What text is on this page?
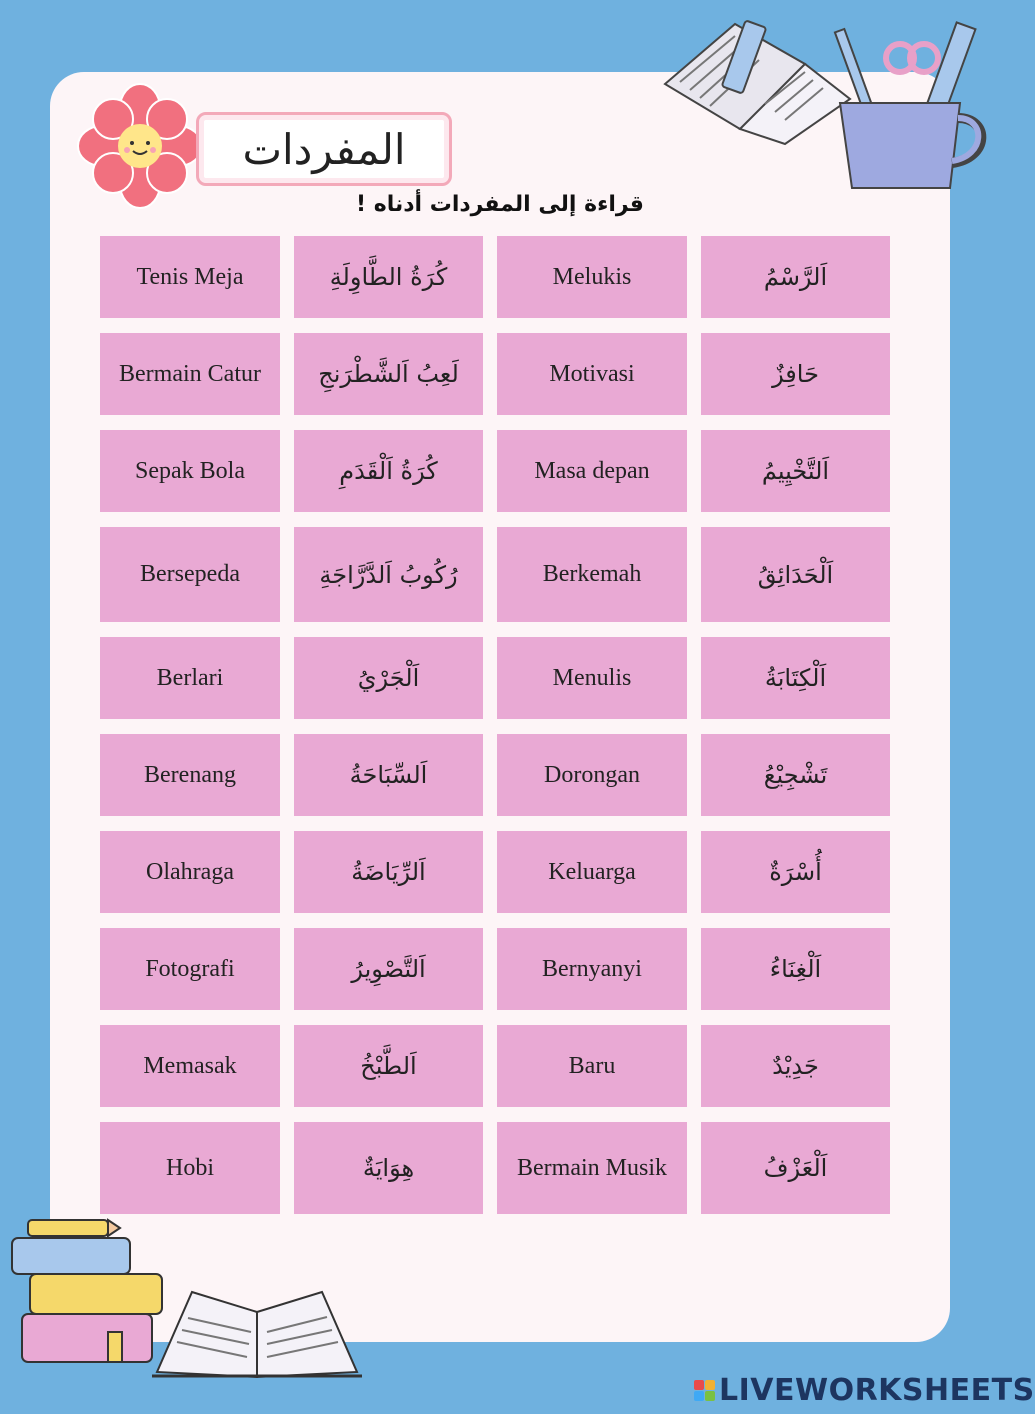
المفردات
قراءة إلى المفردات أدناه !
Tenis Meja	كُرَةُ الطَّاوِلَةِ	Melukis	اَلرَّسْمُ
Bermain Catur	لَعِبُ اَلشَّطْرَنجِ	Motivasi	حَافِزٌ
Sepak Bola	كُرَةُ اَلْقَدَمِ	Masa depan	اَلتَّخْيِيمُ
Bersepeda	رُكُوبُ اَلدَّرَّاجَةِ	Berkemah	اَلْحَدَائِقُ
Berlari	اَلْجَرْيُ	Menulis	اَلْكِتَابَةُ
Berenang	اَلسِّبَاحَةُ	Dorongan	تَشْجِيْعُ
Olahraga	اَلرِّيَاضَةُ	Keluarga	أُسْرَةٌ
Fotografi	اَلتَّصْوِيرُ	Bernyanyi	اَلْغِنَاءُ
Memasak	اَلطَّبْخُ	Baru	جَدِيْدٌ
Hobi	هِوَايَةٌ	Bermain Musik	اَلْعَزْفُ
LIVEWORKSHEETS
